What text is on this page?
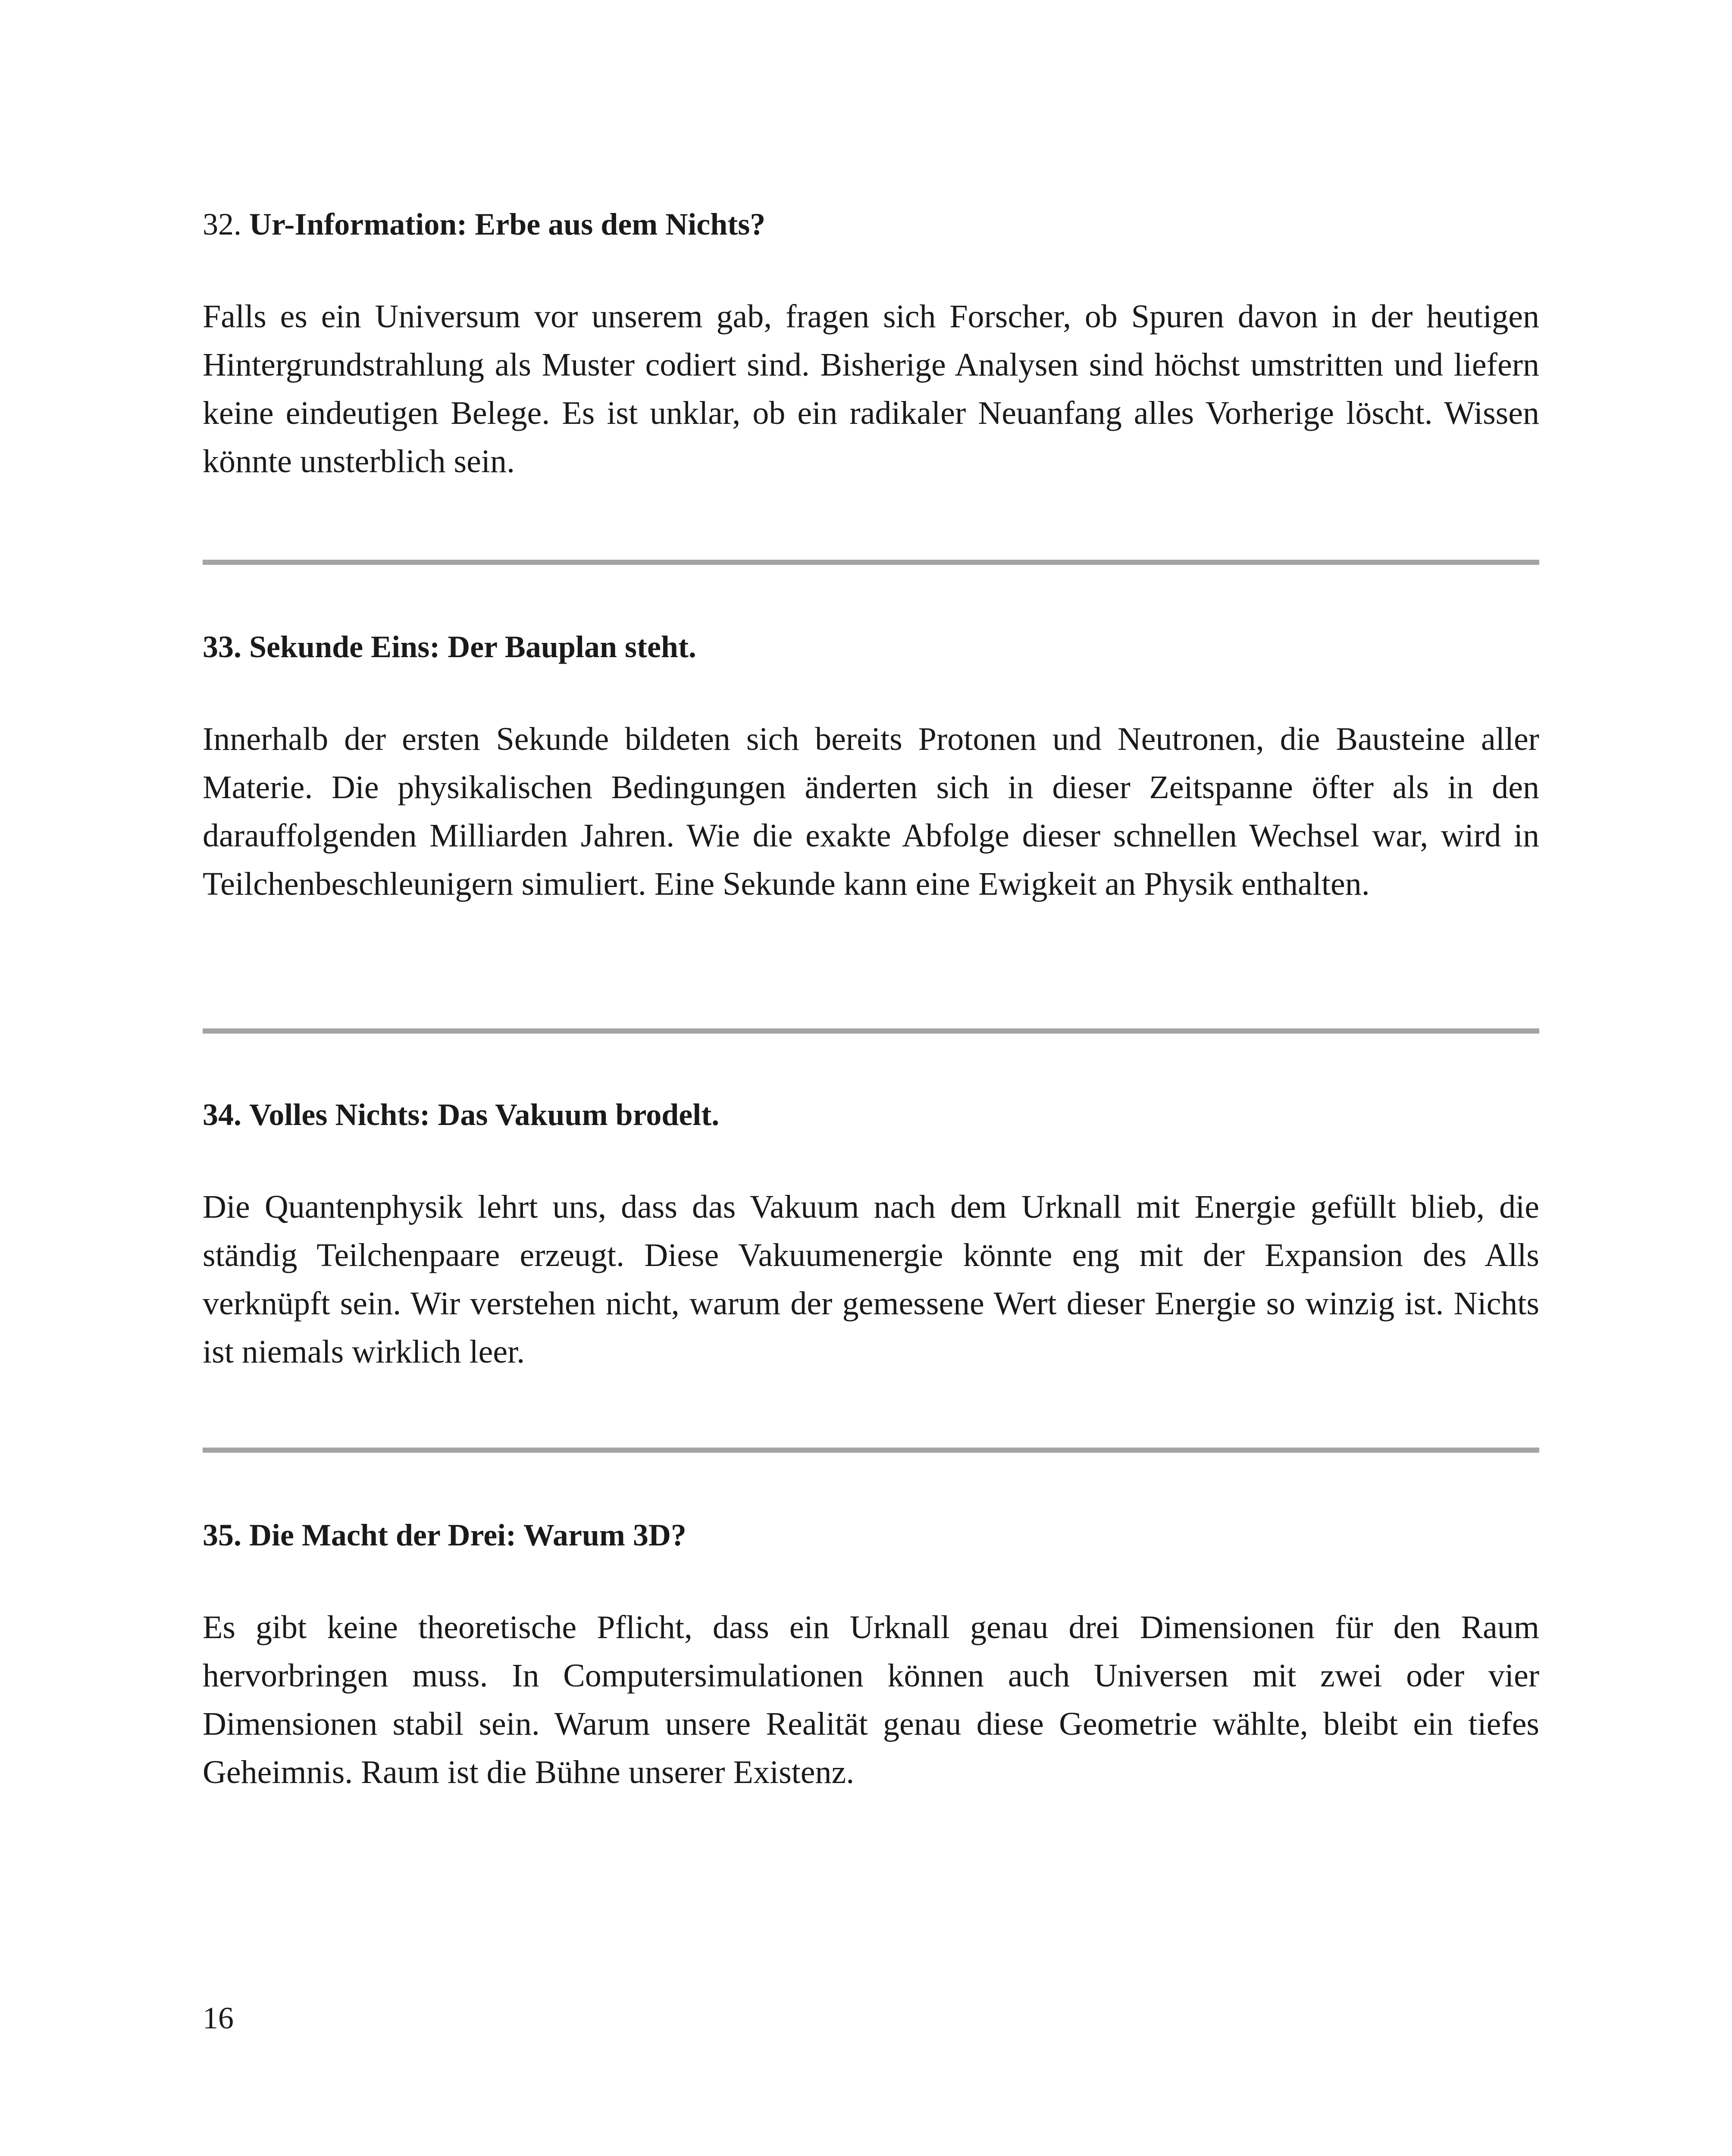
32. Ur-Information: Erbe aus dem Nichts?

Falls es ein Universum vor unserem gab, fragen sich Forscher, ob Spuren davon in der heutigen Hintergrundstrahlung als Muster codiert sind. Bisherige Analysen sind höchst umstritten und liefern keine eindeutigen Belege. Es ist unklar, ob ein radikaler Neuanfang alles Vorherige löscht. Wissen könnte unsterblich sein.

33. Sekunde Eins: Der Bauplan steht.

Innerhalb der ersten Sekunde bildeten sich bereits Protonen und Neutronen, die Bausteine aller Materie. Die physikalischen Bedingungen änderten sich in dieser Zeitspanne öfter als in den darauffolgenden Milliarden Jahren. Wie die exakte Abfolge dieser schnellen Wechsel war, wird in Teilchenbeschleunigern simuliert. Eine Sekunde kann eine Ewigkeit an Physik enthalten.

34. Volles Nichts: Das Vakuum brodelt.

Die Quantenphysik lehrt uns, dass das Vakuum nach dem Urknall mit Energie gefüllt blieb, die ständig Teilchenpaare erzeugt. Diese Vakuumenergie könnte eng mit der Expansion des Alls verknüpft sein. Wir verstehen nicht, warum der gemessene Wert dieser Energie so winzig ist. Nichts ist niemals wirklich leer.

35. Die Macht der Drei: Warum 3D?

Es gibt keine theoretische Pflicht, dass ein Urknall genau drei Dimensionen für den Raum hervorbringen muss. In Computersimulationen können auch Universen mit zwei oder vier Dimensionen stabil sein. Warum unsere Realität genau diese Geometrie wählte, bleibt ein tiefes Geheimnis. Raum ist die Bühne unserer Existenz.

16
